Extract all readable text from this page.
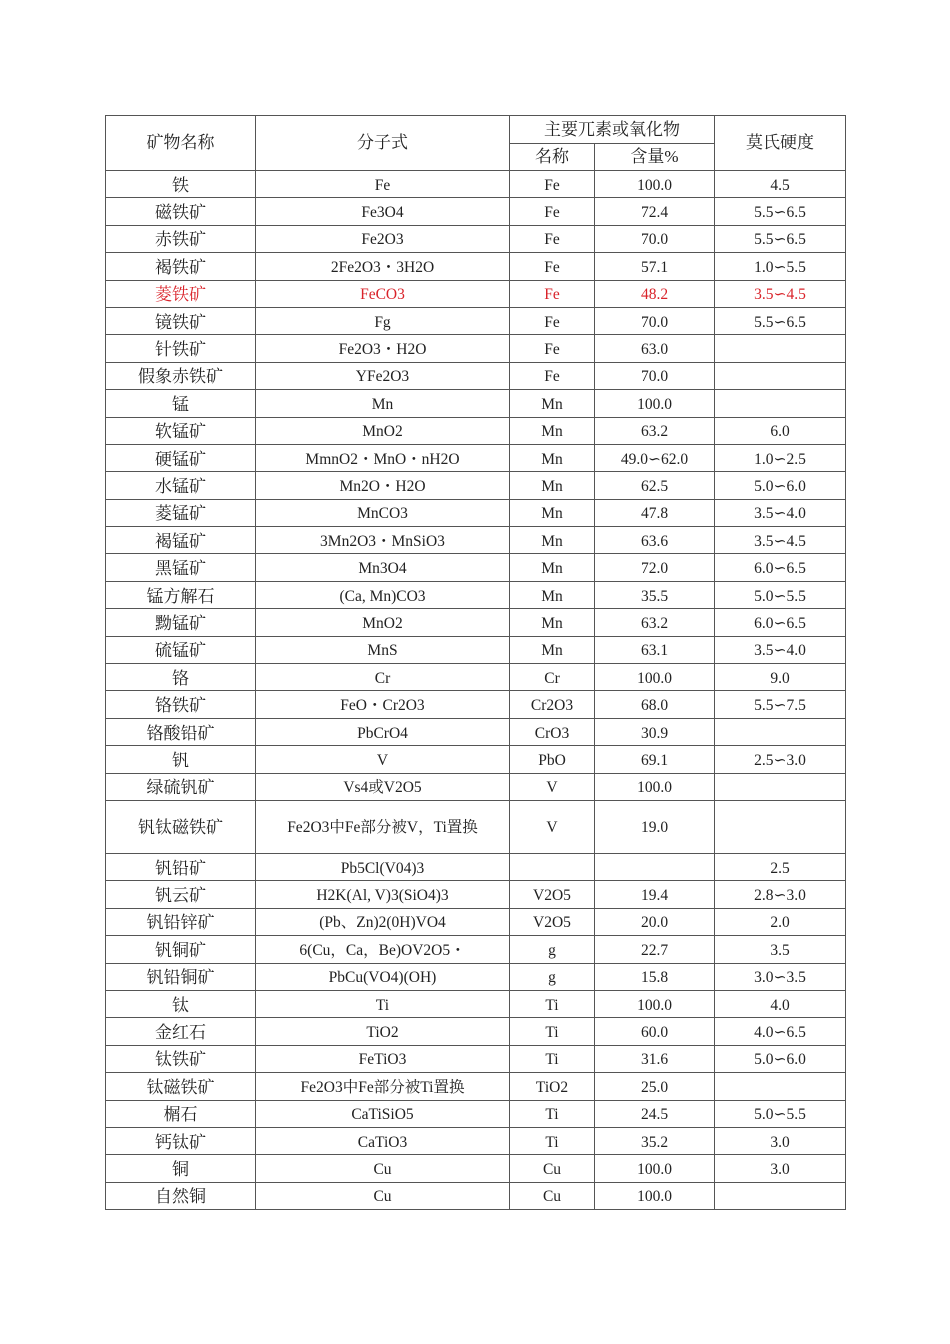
矿物名称	分子式	主要兀素或氧化物		莫氏硬度
		名称	含量%	
铁	Fe	Fe	100.0	4.5
磁铁矿	Fe3O4	Fe	72.4	5.5∽6.5
赤铁矿	Fe2O3	Fe	70.0	5.5∽6.5
褐铁矿	2Fe2O3・3H2O	Fe	57.1	1.0∽5.5
菱铁矿	FeCO3	Fe	48.2	3.5∽4.5
镜铁矿	Fg	Fe	70.0	5.5∽6.5
针铁矿	Fe2O3・H2O	Fe	63.0	
假象赤铁矿	YFe2O3	Fe	70.0	
锰	Mn	Mn	100.0	
软锰矿	MnO2	Mn	63.2	6.0
硬锰矿	MmnO2・MnO・nH2O	Mn	49.0∽62.0	1.0∽2.5
水锰矿	Mn2O・H2O	Mn	62.5	5.0∽6.0
菱锰矿	MnCO3	Mn	47.8	3.5∽4.0
褐锰矿	3Mn2O3・MnSiO3	Mn	63.6	3.5∽4.5
黑锰矿	Mn3O4	Mn	72.0	6.0∽6.5
锰方解石	(Ca, Mn)CO3	Mn	35.5	5.0∽5.5
黝锰矿	MnO2	Mn	63.2	6.0∽6.5
硫锰矿	MnS	Mn	63.1	3.5∽4.0
铬	Cr	Cr	100.0	9.0
铬铁矿	FeO・Cr2O3	Cr2O3	68.0	5.5∽7.5
铬酸铅矿	PbCrO4	CrO3	30.9	
钒	V	PbO	69.1	2.5∽3.0
绿硫钒矿	Vs4或V2O5	V	100.0	
钒钛磁铁矿	Fe2O3中Fe部分被V，Ti置换	V	19.0	
钒铅矿	Pb5Cl(V04)3			2.5
钒云矿	H2K(Al, V)3(SiO4)3	V2O5	19.4	2.8∽3.0
钒铅锌矿	(Pb、Zn)2(0H)VO4	V2O5	20.0	2.0
钒铜矿	6(Cu，Ca，Be)OV2O5・	g	22.7	3.5
钒铅铜矿	PbCu(VO4)(OH)	g	15.8	3.0∽3.5
钛	Ti	Ti	100.0	4.0
金红石	TiO2	Ti	60.0	4.0∽6.5
钛铁矿	FeTiO3	Ti	31.6	5.0∽6.0
钛磁铁矿	Fe2O3中Fe部分被Ti置换	TiO2	25.0	
榍石	CaTiSiO5	Ti	24.5	5.0∽5.5
钙钛矿	CaTiO3	Ti	35.2	3.0
铜	Cu	Cu	100.0	3.0
自然铜	Cu	Cu	100.0	
